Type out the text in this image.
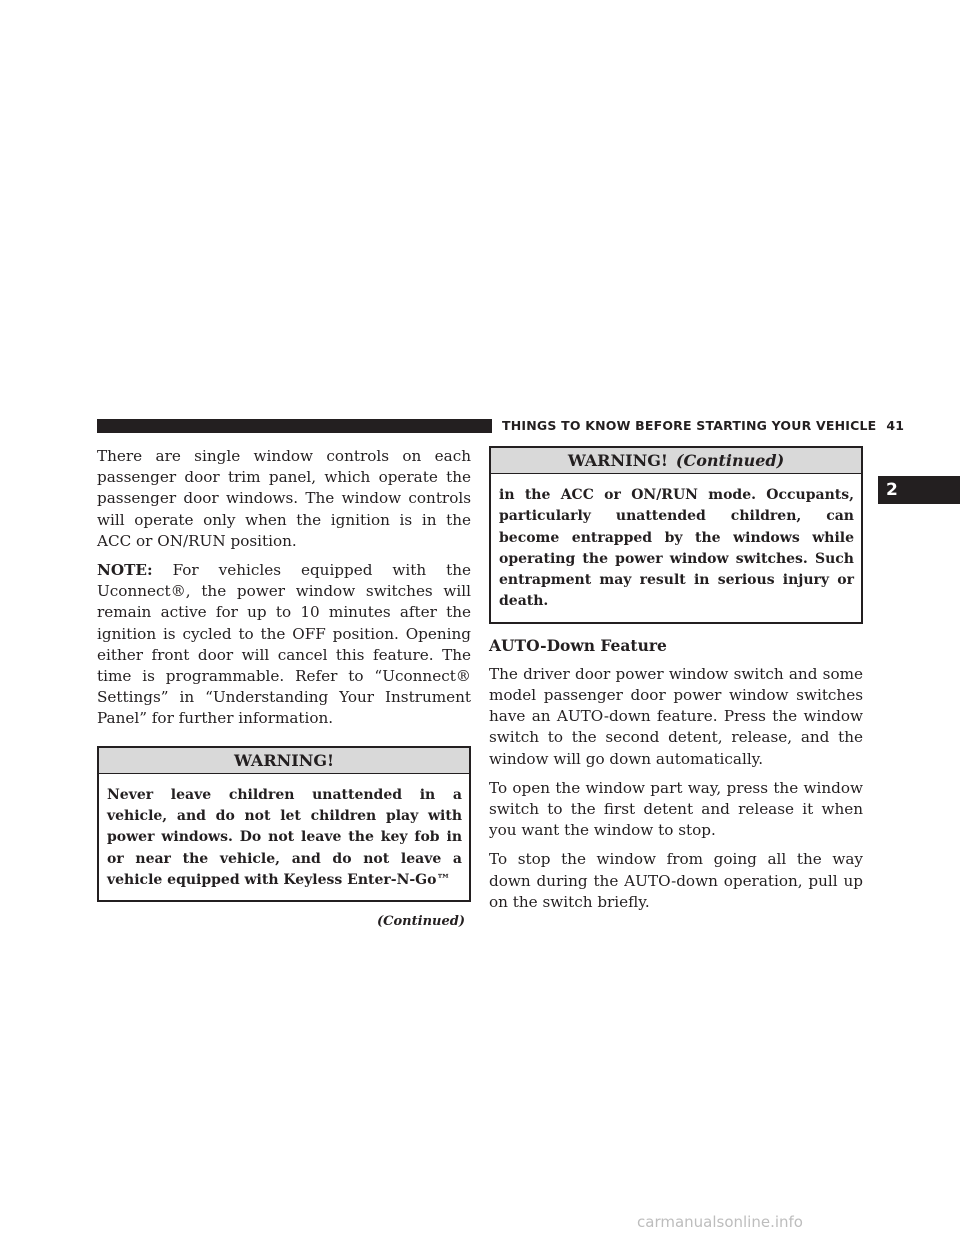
THINGS TO KNOW BEFORE STARTING YOUR VEHICLE 41
2

There are single window controls on each passenger door trim panel, which operate the passenger door windows. The window controls will operate only when the ignition is in the ACC or ON/RUN position.

NOTE: For vehicles equipped with the Uconnect®, the power window switches will remain active for up to 10 minutes after the ignition is cycled to the OFF position. Opening either front door will cancel this feature. The time is programmable. Refer to “Uconnect® Settings” in “Understanding Your Instrument Panel” for further information.

WARNING!
Never leave children unattended in a vehicle, and do not let children play with power windows. Do not leave the key fob in or near the vehicle, and do not leave a vehicle equipped with Keyless Enter-N-Go™
(Continued)
WARNING! (Continued)
in the ACC or ON/RUN mode. Occupants, particularly unattended children, can become entrapped by the windows while operating the power window switches. Such entrapment may result in serious injury or death.
AUTO-Down Feature

The driver door power window switch and some model passenger door power window switches have an AUTO-down feature. Press the window switch to the second detent, release, and the window will go down automatically.

To open the window part way, press the window switch to the first detent and release it when you want the window to stop.

To stop the window from going all the way down during the AUTO-down operation, pull up on the switch briefly.

carmanualsonline.info
